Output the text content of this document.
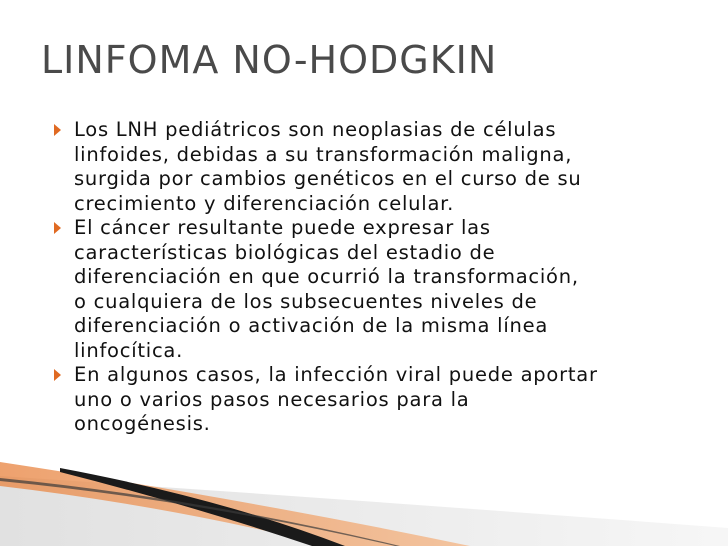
LINFOMA NO-HODGKIN
Los LNH pediátricos son neoplasias de células
linfoides, debidas a su transformación maligna,
surgida por cambios genéticos en el curso de su
crecimiento y diferenciación celular.
El cáncer resultante puede expresar las
características biológicas del estadio de
diferenciación en que ocurrió la transformación,
o cualquiera de los subsecuentes niveles de
diferenciación o activación de la misma línea
linfocítica.
En algunos casos, la infección viral puede aportar
uno o varios pasos necesarios para la
oncogénesis.
